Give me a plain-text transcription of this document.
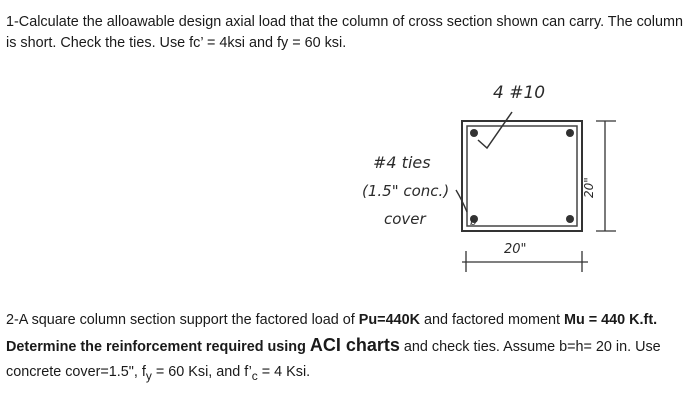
1-Calculate the alloawable design axial load that the column of cross section shown can carry. The column is short. Check the ties. Use fc’ = 4ksi and fy = 60 ksi.
4 #10
#4 ties
(1.5" conc.)
cover
20"
20"
a
b
2-A square column section support the factored load of Pu=440K and factored moment Mu = 440 K.ft. Determine the reinforcement required using ACI charts and check ties. Assume b=h= 20 in. Use concrete cover=1.5", $f_y = 60$ Ksi, and $f’_c = 4$ Ksi.
